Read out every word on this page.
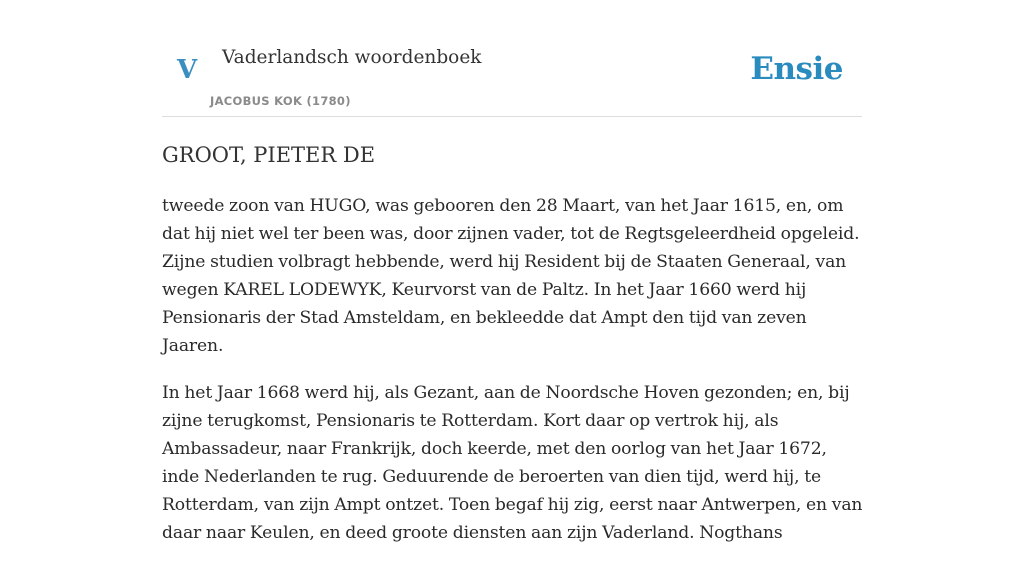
V Vaderlandsch woordenboek
JACOBUS KOK (1780)
Ensie
GROOT, PIETER DE

tweede zoon van HUGO, was gebooren den 28 Maart, van het Jaar 1615, en, om dat hij niet wel ter been was, door zijnen vader, tot de Regtsgeleerdheid opgeleid. Zijne studien volbragt hebbende, werd hij Resident bij de Staaten Generaal, van wegen KAREL LODEWYK, Keurvorst van de Paltz. In het Jaar 1660 werd hij Pensionaris der Stad Amsteldam, en bekleedde dat Ampt den tijd van zeven Jaaren.

In het Jaar 1668 werd hij, als Gezant, aan de Noordsche Hoven gezonden; en, bij zijne terugkomst, Pensionaris te Rotterdam. Kort daar op vertrok hij, als Ambassadeur, naar Frankrijk, doch keerde, met den oorlog van het Jaar 1672, inde Nederlanden te rug. Geduurende de beroerten van dien tijd, werd hij, te Rotterdam, van zijn Ampt ontzet. Toen begaf hij zig, eerst naar Antwerpen, en van daar naar Keulen, en deed groote diensten aan zijn Vaderland. Nogthans
